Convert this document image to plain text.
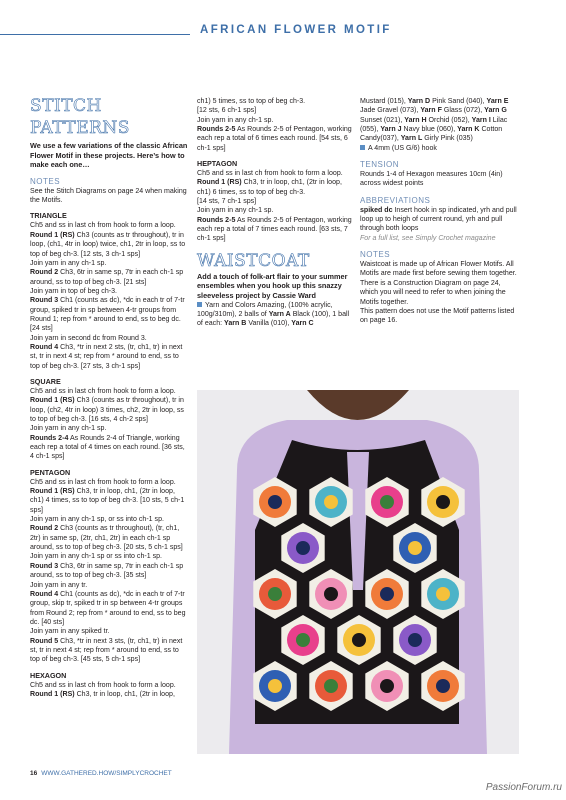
AFRICAN FLOWER MOTIF
STITCH PATTERNS

We use a few variations of the classic African Flower Motif in these projects. Here’s how to make each one…

NOTES

See the Stitch Diagrams on page 24 when making the Motifs.

TRIANGLE

Ch5 and ss in last ch from hook to form a loop.

Round 1 (RS) Ch3 (counts as tr throughout), tr in loop, (ch1, 4tr in loop) twice, ch1, 2tr in loop, ss to top of beg ch-3. [12 sts, 3 ch-1 sps]

Join yarn in any ch-1 sp.

Round 2 Ch3, 6tr in same sp, 7tr in each ch-1 sp around, ss to top of beg ch-3. [21 sts]

Join yarn in top of beg ch-3.

Round 3 Ch1 (counts as dc), *dc in each tr of 7-tr group, spiked tr in sp between 4-tr groups from Round 1; rep from * around to end, ss to beg dc. [24 sts]

Join yarn in second dc from Round 3.

Round 4 Ch3, *tr in next 2 sts, (tr, ch1, tr) in next st, tr in next 4 st; rep from * around to end, ss to top of beg ch-3. [27 sts, 3 ch-1 sps]

SQUARE

Ch5 and ss in last ch from hook to form a loop.

Round 1 (RS) Ch3 (counts as tr throughout), tr in loop, (ch2, 4tr in loop) 3 times, ch2, 2tr in loop, ss to top of beg ch-3. [16 sts, 4 ch-2 sps]

Join yarn in any ch-1 sp.

Rounds 2-4 As Rounds 2-4 of Triangle, working each rep a total of 4 times on each round. [36 sts, 4 ch-1 sps]

PENTAGON

Ch5 and ss in last ch from hook to form a loop.

Round 1 (RS) Ch3, tr in loop, ch1, (2tr in loop, ch1) 4 times, ss to top of beg ch-3. [10 sts, 5 ch-1 sps]

Join yarn in any ch-1 sp, or ss into ch-1 sp.

Round 2 Ch3 (counts as tr throughout), (tr, ch1, 2tr) in same sp, (2tr, ch1, 2tr) in each ch-1 sp around, ss to top of beg ch-3. [20 sts, 5 ch-1 sps]

Join yarn in any ch-1 sp or ss into ch-1 sp.

Round 3 Ch3, 6tr in same sp, 7tr in each ch-1 sp around, ss to top of beg ch-3. [35 sts]

Join yarn in any tr.

Round 4 Ch1 (counts as dc), *dc in each tr of 7-tr group, skip tr, spiked tr in sp between 4-tr groups from Round 2; rep from * around to end, ss to beg dc. [40 sts]

Join yarn in any spiked tr.

Round 5 Ch3, *tr in next 3 sts, (tr, ch1, tr) in next st, tr in next 4 st; rep from * around to end, ss to top of beg ch-3. [45 sts, 5 ch-1 sps]

HEXAGON

Ch5 and ss in last ch from hook to form a loop.

Round 1 (RS) Ch3, tr in loop, ch1, (2tr in loop,

ch1) 5 times, ss to top of beg ch-3.

[12 sts, 6 ch-1 sps]

Join yarn in any ch-1 sp.

Rounds 2-5 As Rounds 2-5 of Pentagon, working each rep a total of 6 times each round. [54 sts, 6 ch-1 sps]

HEPTAGON

Ch5 and ss in last ch from hook to form a loop.

Round 1 (RS) Ch3, tr in loop, ch1, (2tr in loop, ch1) 6 times, ss to top of beg ch-3.

[14 sts, 7 ch-1 sps]

Join yarn in any ch-1 sp.

Rounds 2-5 As Rounds 2-5 of Pentagon, working each rep a total of 7 times each round. [63 sts, 7 ch-1 sps]

WAISTCOAT

Add a touch of folk-art flair to your summer ensembles when you hook up this snazzy sleeveless project by Cassie Ward

Yarn and Colors Amazing, (100% acrylic, 100g/310m), 2 balls of Yarn A Black (100), 1 ball of each: Yarn B Vanilla (010), Yarn C
Mustard (015), Yarn D Pink Sand (040), Yarn E Jade Gravel (073), Yarn F Glass (072), Yarn G Sunset (021), Yarn H Orchid (052), Yarn I Lilac (055), Yarn J Navy blue (060), Yarn K Cotton Candy(037), Yarn L Girly Pink (035)
A 4mm (US G/6) hook
TENSION

Rounds 1-4 of Hexagon measures 10cm (4in) across widest points

ABBREVIATIONS

spiked dc Insert hook in sp indicated, yrh and pull loop up to heigh of current round, yrh and pull through both loops

For a full list, see Simply Crochet magazine

NOTES

Waistcoat is made up of African Flower Motifs. All Motifs are made first before sewing them together.

There is a Construction Diagram on page 24, which you will need to refer to when joining the Motifs together.

This pattern does not use the Motif patterns listed on page 16.

16 WWW.GATHERED.HOW/SIMPLYCROCHET
PassionForum.ru
